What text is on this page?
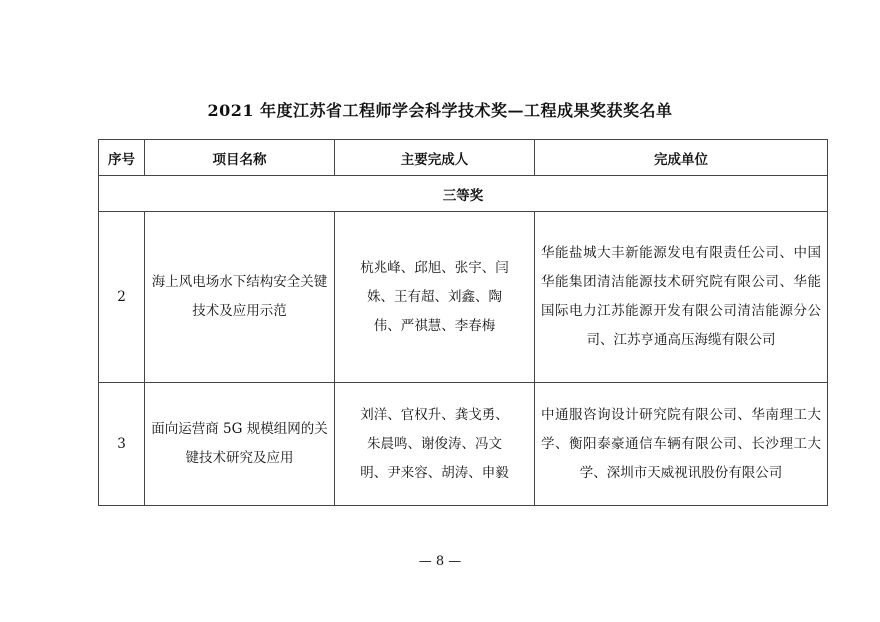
2021 年度江苏省工程师学会科学技术奖—工程成果奖获奖名单
序号	项目名称	主要完成人	完成单位
三等奖			
2	海上风电场水下结构安全关键技术及应用示范	杭兆峰、邱旭、张宇、闫姝、王有超、刘鑫、陶伟、严祺慧、李春梅	华能盐城大丰新能源发电有限责任公司、中国华能集团清洁能源技术研究院有限公司、华能国际电力江苏能源开发有限公司清洁能源分公司、江苏亨通高压海缆有限公司

3	面向运营商 5G 规模组网的关键技术研究及应用	刘洋、官权升、龚戈勇、朱晨鸣、谢俊涛、冯文明、尹来容、胡涛、申毅	中通服咨询设计研究院有限公司、华南理工大学、衡阳泰豪通信车辆有限公司、长沙理工大学、深圳市天威视讯股份有限公司
— 8 —
